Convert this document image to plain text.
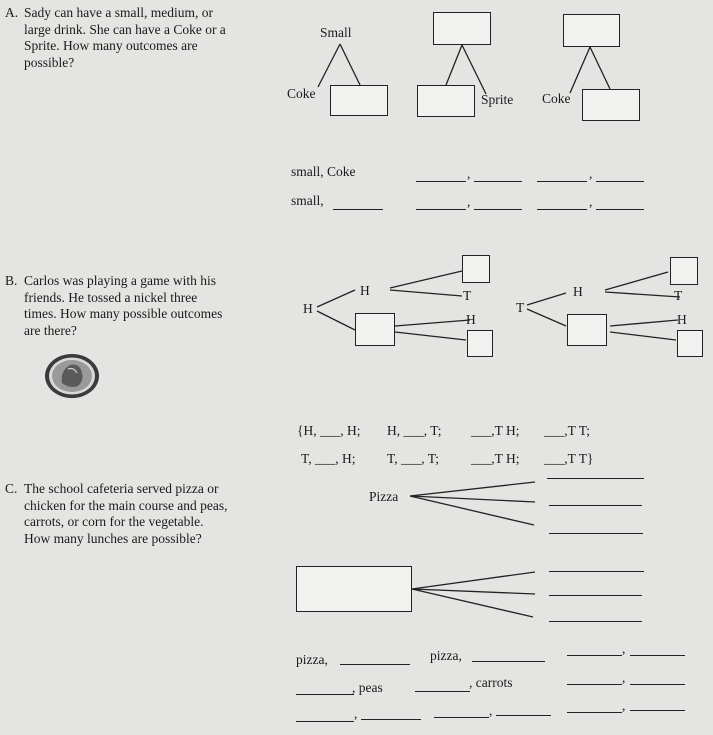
A. Sady can have a small, medium, or
large drink. She can have a Coke or a
Sprite. How many outcomes are
possible?
Small
Coke	Sprite Coke
small, Coke
small,
,	,
,	,
B. Carlos was playing a game with his
friends. He tossed a nickel three
times. How many possible outcomes
are there?
H
H	T
H
T
H	T
H
{H, ___, H; H, ___, T; ___,T H; ___,T T;
T, ___, H; T, ___, T; ___,T H; ___,T T}
C. The school cafeteria served pizza or
chicken for the main course and peas,
carrots, or corn for the vegetable.
How many lunches are possible?
Pizza
pizza,	pizza,	,
, peas	, carrots	,
,	,	,
